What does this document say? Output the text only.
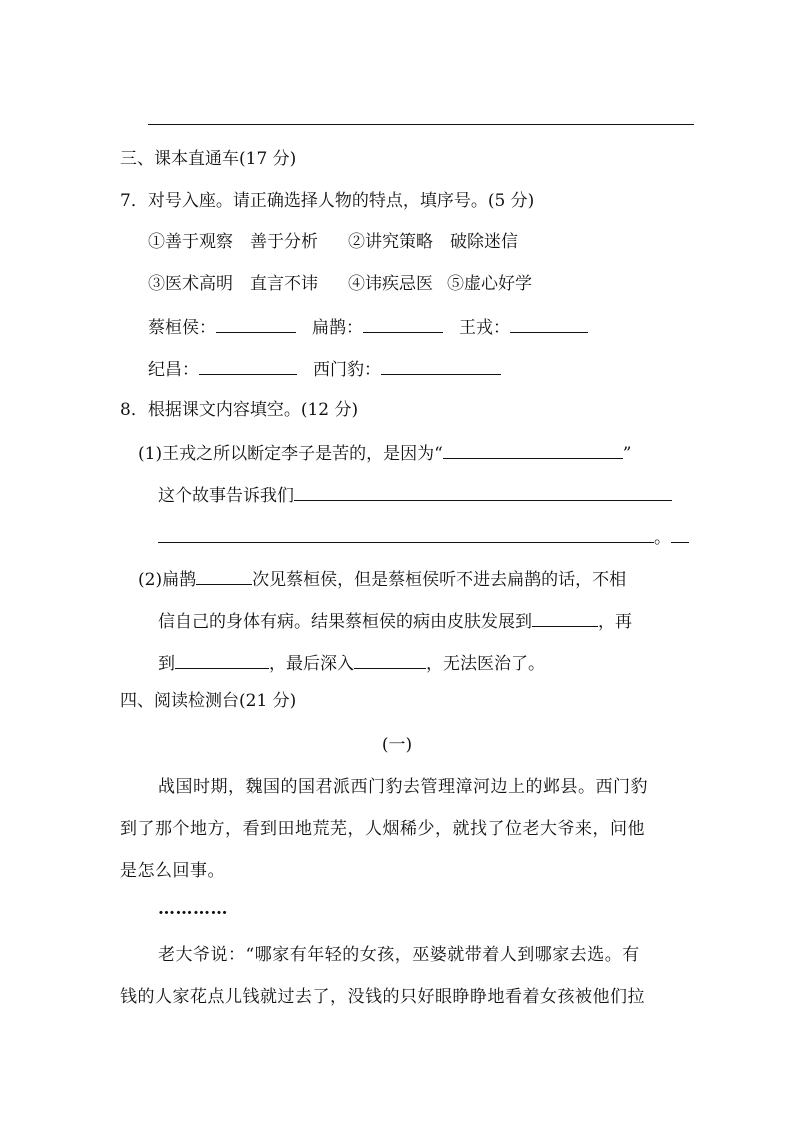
三、课本直通车(17 分)
7．对号入座。请正确选择人物的特点，填序号。(5 分)
①善于观察　善于分析 ②讲究策略　破除迷信
③医术高明　直言不讳 ④讳疾忌医 ⑤虚心好学
蔡桓侯：	扁鹊：	王戎：
纪昌：	西门豹：
8．根据课文内容填空。(12 分)
(1)王戎之所以断定李子是苦的，是因为“	”
这个故事告诉我们
。
(2)扁鹊	次见蔡桓侯，但是蔡桓侯听不进去扁鹊的话，不相
信自己的身体有病。结果蔡桓侯的病由皮肤发展到	，再
到	，最后深入	，无法医治了。
四、阅读检测台(21 分)
(一)
战国时期，魏国的国君派西门豹去管理漳河边上的邺县。西门豹
到了那个地方，看到田地荒芜，人烟稀少，就找了位老大爷来，问他
是怎么回事。
…………
老大爷说：“哪家有年轻的女孩，巫婆就带着人到哪家去选。有
钱的人家花点儿钱就过去了，没钱的只好眼睁睁地看着女孩被他们拉
